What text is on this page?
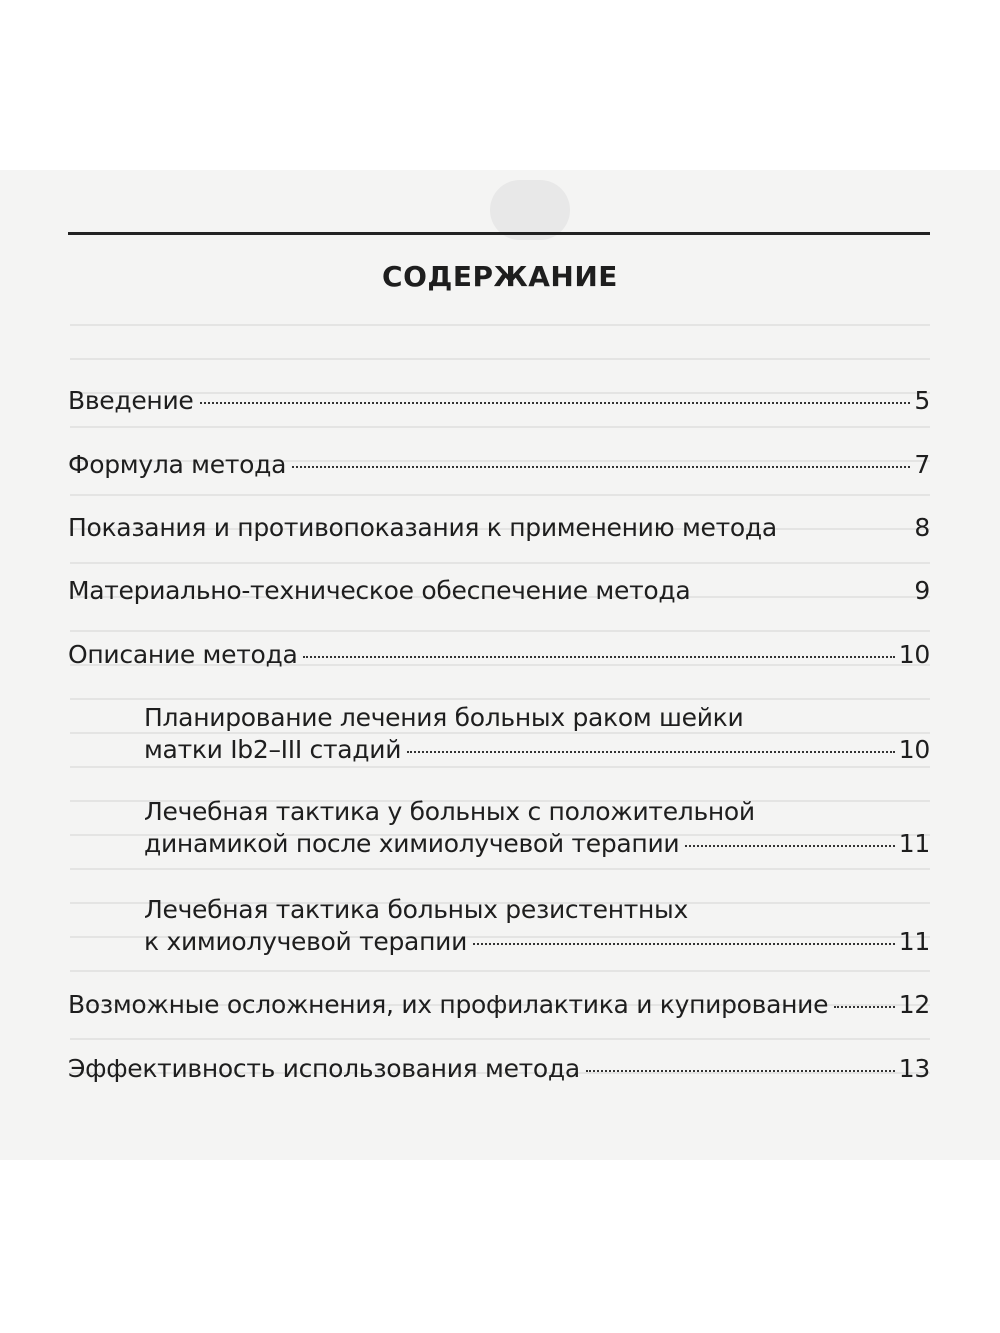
СОДЕРЖАНИЕ
Введение	5
Формула метода	7
Показания и противопоказания к применению метода	8
Материально-техническое обеспечение метода	9
Описание метода	10
Планирование лечения больных раком шейки
матки Ib2–III стадий	10
Лечебная тактика у больных с положительной
динамикой после химиолучевой терапии	11
Лечебная тактика больных резистентных
к химиолучевой терапии	11
Возможные осложнения, их профилактика и купирование	12
Эффективность использования метода	13
